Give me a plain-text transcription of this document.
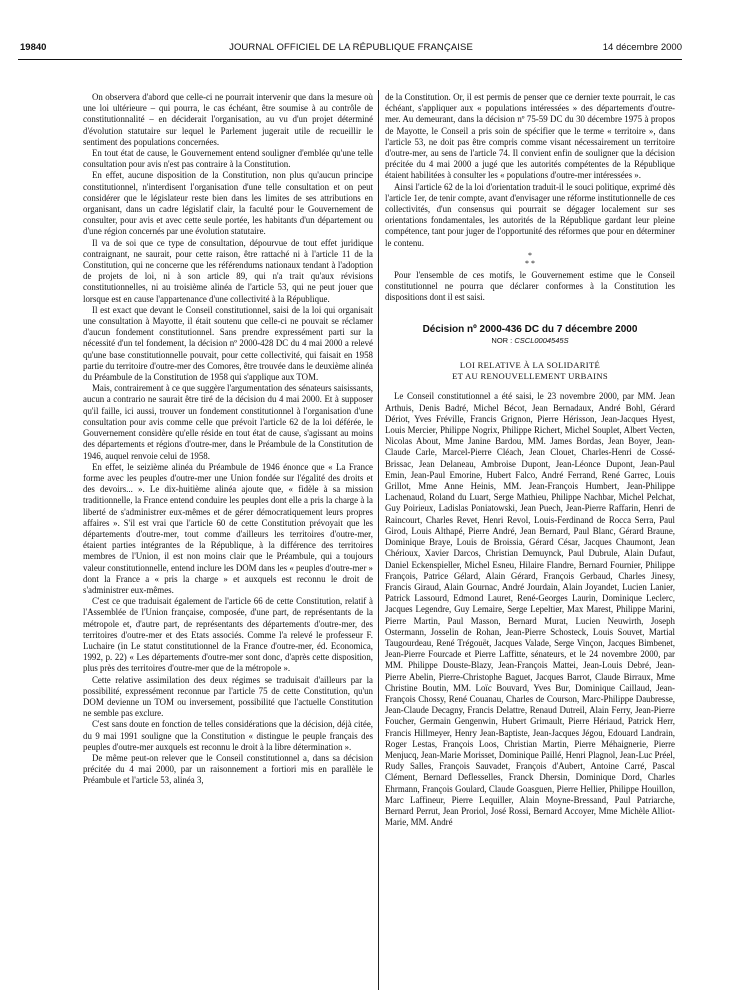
19840	JOURNAL OFFICIEL DE LA RÉPUBLIQUE FRANÇAISE	14 décembre 2000

On observera d'abord que celle-ci ne pourrait intervenir que dans la mesure où une loi ultérieure – qui pourra, le cas échéant, être soumise à au contrôle de constitutionnalité – en déciderait l'organisation, au vu d'un projet déterminé d'évolution statutaire sur lequel le Parlement jugerait utile de recueillir le sentiment des populations concernées.

En tout état de cause, le Gouvernement entend souligner d'emblée qu'une telle consultation pour avis n'est pas contraire à la Constitution.

En effet, aucune disposition de la Constitution, non plus qu'aucun principe constitutionnel, n'interdisent l'organisation d'une telle consultation et on peut considérer que le législateur reste bien dans les limites de ses attributions en organisant, dans un cadre législatif clair, la faculté pour le Gouvernement de consulter, pour avis et avec cette seule portée, les habitants d'un département ou d'une région concernés par une évolution statutaire.

Il va de soi que ce type de consultation, dépourvue de tout effet juridique contraignant, ne saurait, pour cette raison, être rattaché ni à l'article 11 de la Constitution, qui ne concerne que les référendums nationaux tendant à l'adoption de projets de loi, ni à son article 89, qui n'a trait qu'aux révisions constitutionnelles, ni au troisième alinéa de l'article 53, qui ne peut jouer que lorsque est en cause l'appartenance d'une collectivité à la République.

Il est exact que devant le Conseil constitutionnel, saisi de la loi qui organisait une consultation à Mayotte, il était soutenu que celle-ci ne pouvait se réclamer d'aucun fondement constitutionnel. Sans prendre expressément parti sur la nécessité d'un tel fondement, la décision nº 2000-428 DC du 4 mai 2000 a relevé qu'une base constitutionnelle pouvait, pour cette collectivité, qui faisait en 1958 partie du territoire d'outre-mer des Comores, être trouvée dans le deuxième alinéa du Préambule de la Constitution de 1958 qui s'applique aux TOM.

Mais, contrairement à ce que suggère l'argumentation des sénateurs saisissants, aucun a contrario ne saurait être tiré de la décision du 4 mai 2000. Et à supposer qu'il faille, ici aussi, trouver un fondement constitutionnel à l'organisation d'une consultation pour avis comme celle que prévoit l'article 62 de la loi déférée, le Gouvernement considère qu'elle réside en tout état de cause, s'agissant au moins des départements et régions d'outre-mer, dans le Préambule de la Constitution de 1946, auquel renvoie celui de 1958.

En effet, le seizième alinéa du Préambule de 1946 énonce que « La France forme avec les peuples d'outre-mer une Union fondée sur l'égalité des droits et des devoirs... ». Le dix-huitième alinéa ajoute que, « fidèle à sa mission traditionnelle, la France entend conduire les peuples dont elle a pris la charge à la liberté de s'administrer eux-mêmes et de gérer démocratiquement leurs propres affaires ». S'il est vrai que l'article 60 de cette Constitution prévoyait que les départements d'outre-mer, tout comme d'ailleurs les territoires d'outre-mer, étaient parties intégrantes de la République, à la différence des territoires membres de l'Union, il est non moins clair que le Préambule, qui a toujours valeur constitutionnelle, entend inclure les DOM dans les « peuples d'outre-mer » dont la France a « pris la charge » et auxquels est reconnu le droit de s'administrer eux-mêmes.

C'est ce que traduisait également de l'article 66 de cette Constitution, relatif à l'Assemblée de l'Union française, composée, d'une part, de représentants de la métropole et, d'autre part, de représentants des départements d'outre-mer, des territoires d'outre-mer et des Etats associés. Comme l'a relevé le professeur F. Luchaire (in Le statut constitutionnel de la France d'outre-mer, éd. Economica, 1992, p. 22) « Les départements d'outre-mer sont donc, d'après cette disposition, plus près des territoires d'outre-mer que de la métropole ».

Cette relative assimilation des deux régimes se traduisait d'ailleurs par la possibilité, expressément reconnue par l'article 75 de cette Constitution, qu'un DOM devienne un TOM ou inversement, possibilité que l'actuelle Constitution ne semble pas exclure.

C'est sans doute en fonction de telles considérations que la décision, déjà citée, du 9 mai 1991 souligne que la Constitution « distingue le peuple français des peuples d'outre-mer auxquels est reconnu le droit à la libre détermination ».

De même peut-on relever que le Conseil constitutionnel a, dans sa décision précitée du 4 mai 2000, par un raisonnement a fortiori mis en parallèle le Préambule et l'article 53, alinéa 3,

de la Constitution. Or, il est permis de penser que ce dernier texte pourrait, le cas échéant, s'appliquer aux « populations intéressées » des départements d'outre-mer. Au demeurant, dans la décision nº 75-59 DC du 30 décembre 1975 à propos de Mayotte, le Conseil a pris soin de spécifier que le terme « territoire », dans l'article 53, ne doit pas être compris comme visant nécessairement un territoire d'outre-mer, au sens de l'article 74. Il convient enfin de souligner que la décision précitée du 4 mai 2000 a jugé que les autorités compétentes de la République étaient habilitées à consulter les « populations d'outre-mer intéressées ».

Ainsi l'article 62 de la loi d'orientation traduit-il le souci politique, exprimé dès l'article 1er, de tenir compte, avant d'envisager une réforme institutionnelle de ces collectivités, d'un consensus qui pourrait se dégager localement sur ses orientations fondamentales, les autorités de la République gardant leur pleine compétence, tant pour juger de l'opportunité des réformes que pour en déterminer le contenu.

*
* *

Pour l'ensemble de ces motifs, le Gouvernement estime que le Conseil constitutionnel ne pourra que déclarer conformes à la Constitution les dispositions dont il est saisi.

Décision nº 2000-436 DC du 7 décembre 2000
NOR : CSCL0004545S
LOI RELATIVE À LA SOLIDARITÉ
ET AU RENOUVELLEMENT URBAINS

Le Conseil constitutionnel a été saisi, le 23 novembre 2000, par MM. Jean Arthuis, Denis Badré, Michel Bécot, Jean Bernadaux, André Bohl, Gérard Dériot, Yves Fréville, Francis Grignon, Pierre Hérisson, Jean-Jacques Hyest, Louis Mercier, Philippe Nogrix, Philippe Richert, Michel Souplet, Albert Vecten, Nicolas About, Mme Janine Bardou, MM. James Bordas, Jean Boyer, Jean-Claude Carle, Marcel-Pierre Cléach, Jean Clouet, Charles-Henri de Cossé-Brissac, Jean Delaneau, Ambroise Dupont, Jean-Léonce Dupont, Jean-Paul Emin, Jean-Paul Emorine, Hubert Falco, André Ferrand, René Garrec, Louis Grillot, Mme Anne Heinis, MM. Jean-François Humbert, Jean-Philippe Lachenaud, Roland du Luart, Serge Mathieu, Philippe Nachbar, Michel Pelchat, Guy Poirieux, Ladislas Poniatowski, Jean Puech, Jean-Pierre Raffarin, Henri de Raincourt, Charles Revet, Henri Revol, Louis-Ferdinand de Rocca Serra, Paul Girod, Louis Althapé, Pierre André, Jean Bernard, Paul Blanc, Gérard Braune, Dominique Braye, Louis de Broissia, Gérard César, Jacques Chaumont, Jean Chérioux, Xavier Darcos, Christian Demuynck, Paul Dubrule, Alain Dufaut, Daniel Eckenspieller, Michel Esneu, Hilaire Flandre, Bernard Fournier, Philippe François, Patrice Gélard, Alain Gérard, François Gerbaud, Charles Jinesy, Francis Giraud, Alain Gournac, André Jourdain, Alain Joyandet, Lucien Lanier, Patrick Lassourd, Edmond Lauret, René-Georges Laurin, Dominique Leclerc, Jacques Legendre, Guy Lemaire, Serge Lepeltier, Max Marest, Philippe Marini, Pierre Martin, Paul Masson, Bernard Murat, Lucien Neuwirth, Joseph Ostermann, Josselin de Rohan, Jean-Pierre Schosteck, Louis Souvet, Martial Taugourdeau, René Trégouët, Jacques Valade, Serge Vinçon, Jacques Bimbenet, Jean-Pierre Fourcade et Pierre Laffitte, sénateurs, et le 24 novembre 2000, par MM. Philippe Douste-Blazy, Jean-François Mattei, Jean-Louis Debré, Jean-Pierre Abelin, Pierre-Christophe Baguet, Jacques Barrot, Claude Birraux, Mme Christine Boutin, MM. Loïc Bouvard, Yves Bur, Dominique Caillaud, Jean-François Chossy, René Couanau, Charles de Courson, Marc-Philippe Daubresse, Jean-Claude Decagny, Francis Delattre, Renaud Dutreil, Alain Ferry, Jean-Pierre Foucher, Germain Gengenwin, Hubert Grimault, Pierre Hériaud, Patrick Herr, Francis Hillmeyer, Henry Jean-Baptiste, Jean-Jacques Jégou, Edouard Landrain, Roger Lestas, François Loos, Christian Martin, Pierre Méhaignerie, Pierre Menjucq, Jean-Marie Morisset, Dominique Paillé, Henri Plagnol, Jean-Luc Préel, Rudy Salles, François Sauvadet, François d'Aubert, Antoine Carré, Pascal Clément, Bernard Deflesselles, Franck Dhersin, Dominique Dord, Charles Ehrmann, François Goulard, Claude Goasguen, Pierre Hellier, Philippe Houillon, Marc Laffineur, Pierre Lequiller, Alain Moyne-Bressand, Paul Patriarche, Bernard Perrut, Jean Proriol, José Rossi, Bernard Accoyer, Mme Michèle Alliot-Marie, MM. André
